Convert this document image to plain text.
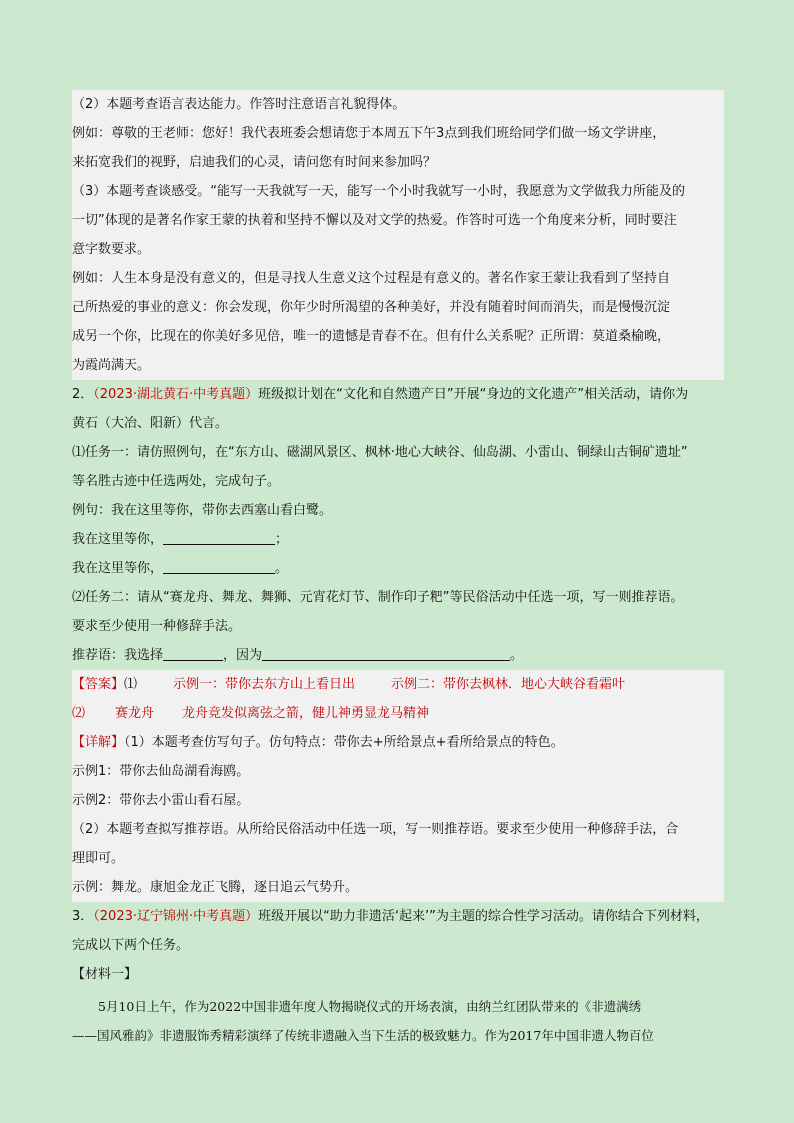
（2）本题考查语言表达能力。作答时注意语言礼貌得体。
例如：尊敬的王老师：您好！我代表班委会想请您于本周五下午3点到我们班给同学们做一场文学讲座，
来拓宽我们的视野，启迪我们的心灵，请问您有时间来参加吗？
（3）本题考查谈感受。“能写一天我就写一天，能写一个小时我就写一小时，我愿意为文学做我力所能及的
一切”体现的是著名作家王蒙的执着和坚持不懈以及对文学的热爱。作答时可选一个角度来分析，同时要注
意字数要求。
例如：人生本身是没有意义的，但是寻找人生意义这个过程是有意义的。著名作家王蒙让我看到了坚持自
己所热爱的事业的意义：你会发现，你年少时所渴望的各种美好，并没有随着时间而消失，而是慢慢沉淀
成另一个你，比现在的你美好多见倍，唯一的遗憾是青春不在。但有什么关系呢？正所谓：莫道桑榆晚，
为霞尚满天。
2．（2023·湖北黄石·中考真题）班级拟计划在“文化和自然遗产日”开展“身边的文化遗产”相关活动，请你为
黄石（大冶、阳新）代言。
⑴任务一：请仿照例句，在“东方山、磁湖风景区、枫林·地心大峡谷、仙岛湖、小雷山、铜绿山古铜矿遗址”
等名胜古迹中任选两处，完成句子。
例句：我在这里等你，带你去西塞山看白鹭。
我在这里等你，	；
我在这里等你，	。
⑵任务二：请从“赛龙舟、舞龙、舞狮、元宵花灯节、制作印子粑”等民俗活动中任选一项，写一则推荐语。
要求至少使用一种修辞手法。
推荐语：我选择	，因为	。
【答案】⑴	示例一：带你去东方山上看日出	示例二：带你去枫林．地心大峡谷看霜叶
⑵ 赛龙舟 龙舟竞发似离弦之箭，健儿神勇显龙马精神
【详解】（1）本题考查仿写句子。仿句特点：带你去+所给景点+看所给景点的特色。
示例1：带你去仙岛湖看海鸥。
示例2：带你去小雷山看石屋。
（2）本题考查拟写推荐语。从所给民俗活动中任选一项，写一则推荐语。要求至少使用一种修辞手法，合
理即可。
示例：舞龙。康旭金龙正飞腾，逐日追云气势升。
3．（2023·辽宁锦州·中考真题）班级开展以“助力非遗活‘起来’”为主题的综合性学习活动。请你结合下列材料，
完成以下两个任务。
【材料一】
5月10日上午，作为2022中国非遗年度人物揭晓仪式的开场表演，由纳兰红团队带来的《非遗满绣
——国风雅韵》非遗服饰秀精彩演绎了传统非遗融入当下生活的极致魅力。作为2017年中国非遗人物百位
